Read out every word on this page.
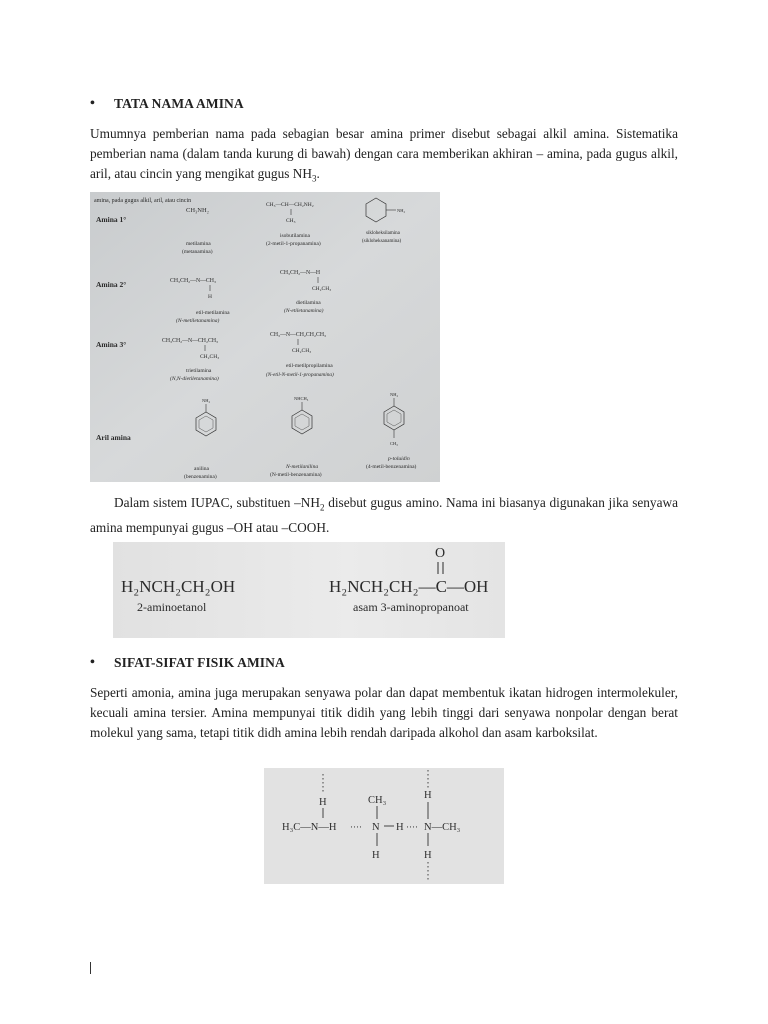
• TATA NAMA AMINA
Umumnya pemberian nama pada sebagian besar amina primer disebut sebagai alkil amina. Sistematika pemberian nama (dalam tanda kurung di bawah) dengan cara memberikan akhiran – amina, pada gugus alkil, aril, atau cincin yang mengikat gugus $NH_3$.
amina, pada gugus alkil, aril, atau cincin
Amina 1°
Amina 2°
Amina 3°
Aril amina
CH₃NH₂
metilamina
(metanamina)
CH₃—CH—CH₂NH₂
CH₃
isobutilamina
(2-metil-1-propanamina)
NH₂
sikloheksilamina
(sikloheksanamina)
CH₃CH₂—N—CH₃
H
etil-metilamina
(N-metiletanamina)
CH₃CH₂—N—H
CH₂CH₃
dietilamina
(N-etiletanamina)
CH₃CH₂—N—CH₂CH₃
CH₂CH₃
trietilamina
(N,N-dietiletanamina)
CH₃—N—CH₂CH₂CH₃
CH₂CH₃
etil-metilpropilamina
(N-etil-N-metil-1-propanamina)
NH₂
anilina
(benzenamina)
NHCH₃
N-metilanilina
(N-metil-benzenamina)
NH₂
CH₃
p-toluidin
(4-metil-benzenamina)
Dalam sistem IUPAC, substituen $-NH_2$ disebut gugus amino. Nama ini biasanya digunakan jika senyawa amina mempunyai gugus –OH atau –COOH.
H₂NCH₂CH₂OH
2-aminoetanol
O
H₂NCH₂CH₂—C—OH
asam 3-aminopropanoat
• SIFAT-SIFAT FISIK AMINA
Seperti amonia, amina juga merupakan senyawa polar dan dapat membentuk ikatan hidrogen intermolekuler, kecuali amina tersier. Amina mempunyai titik didih yang lebih tinggi dari senyawa nonpolar dengan berat molekul yang sama, tetapi titik didh amina lebih rendah daripada alkohol dan asam karboksilat.
H
H₃C—N—H ····
CH₃
N
H
H ····
H
N—CH₃
H
